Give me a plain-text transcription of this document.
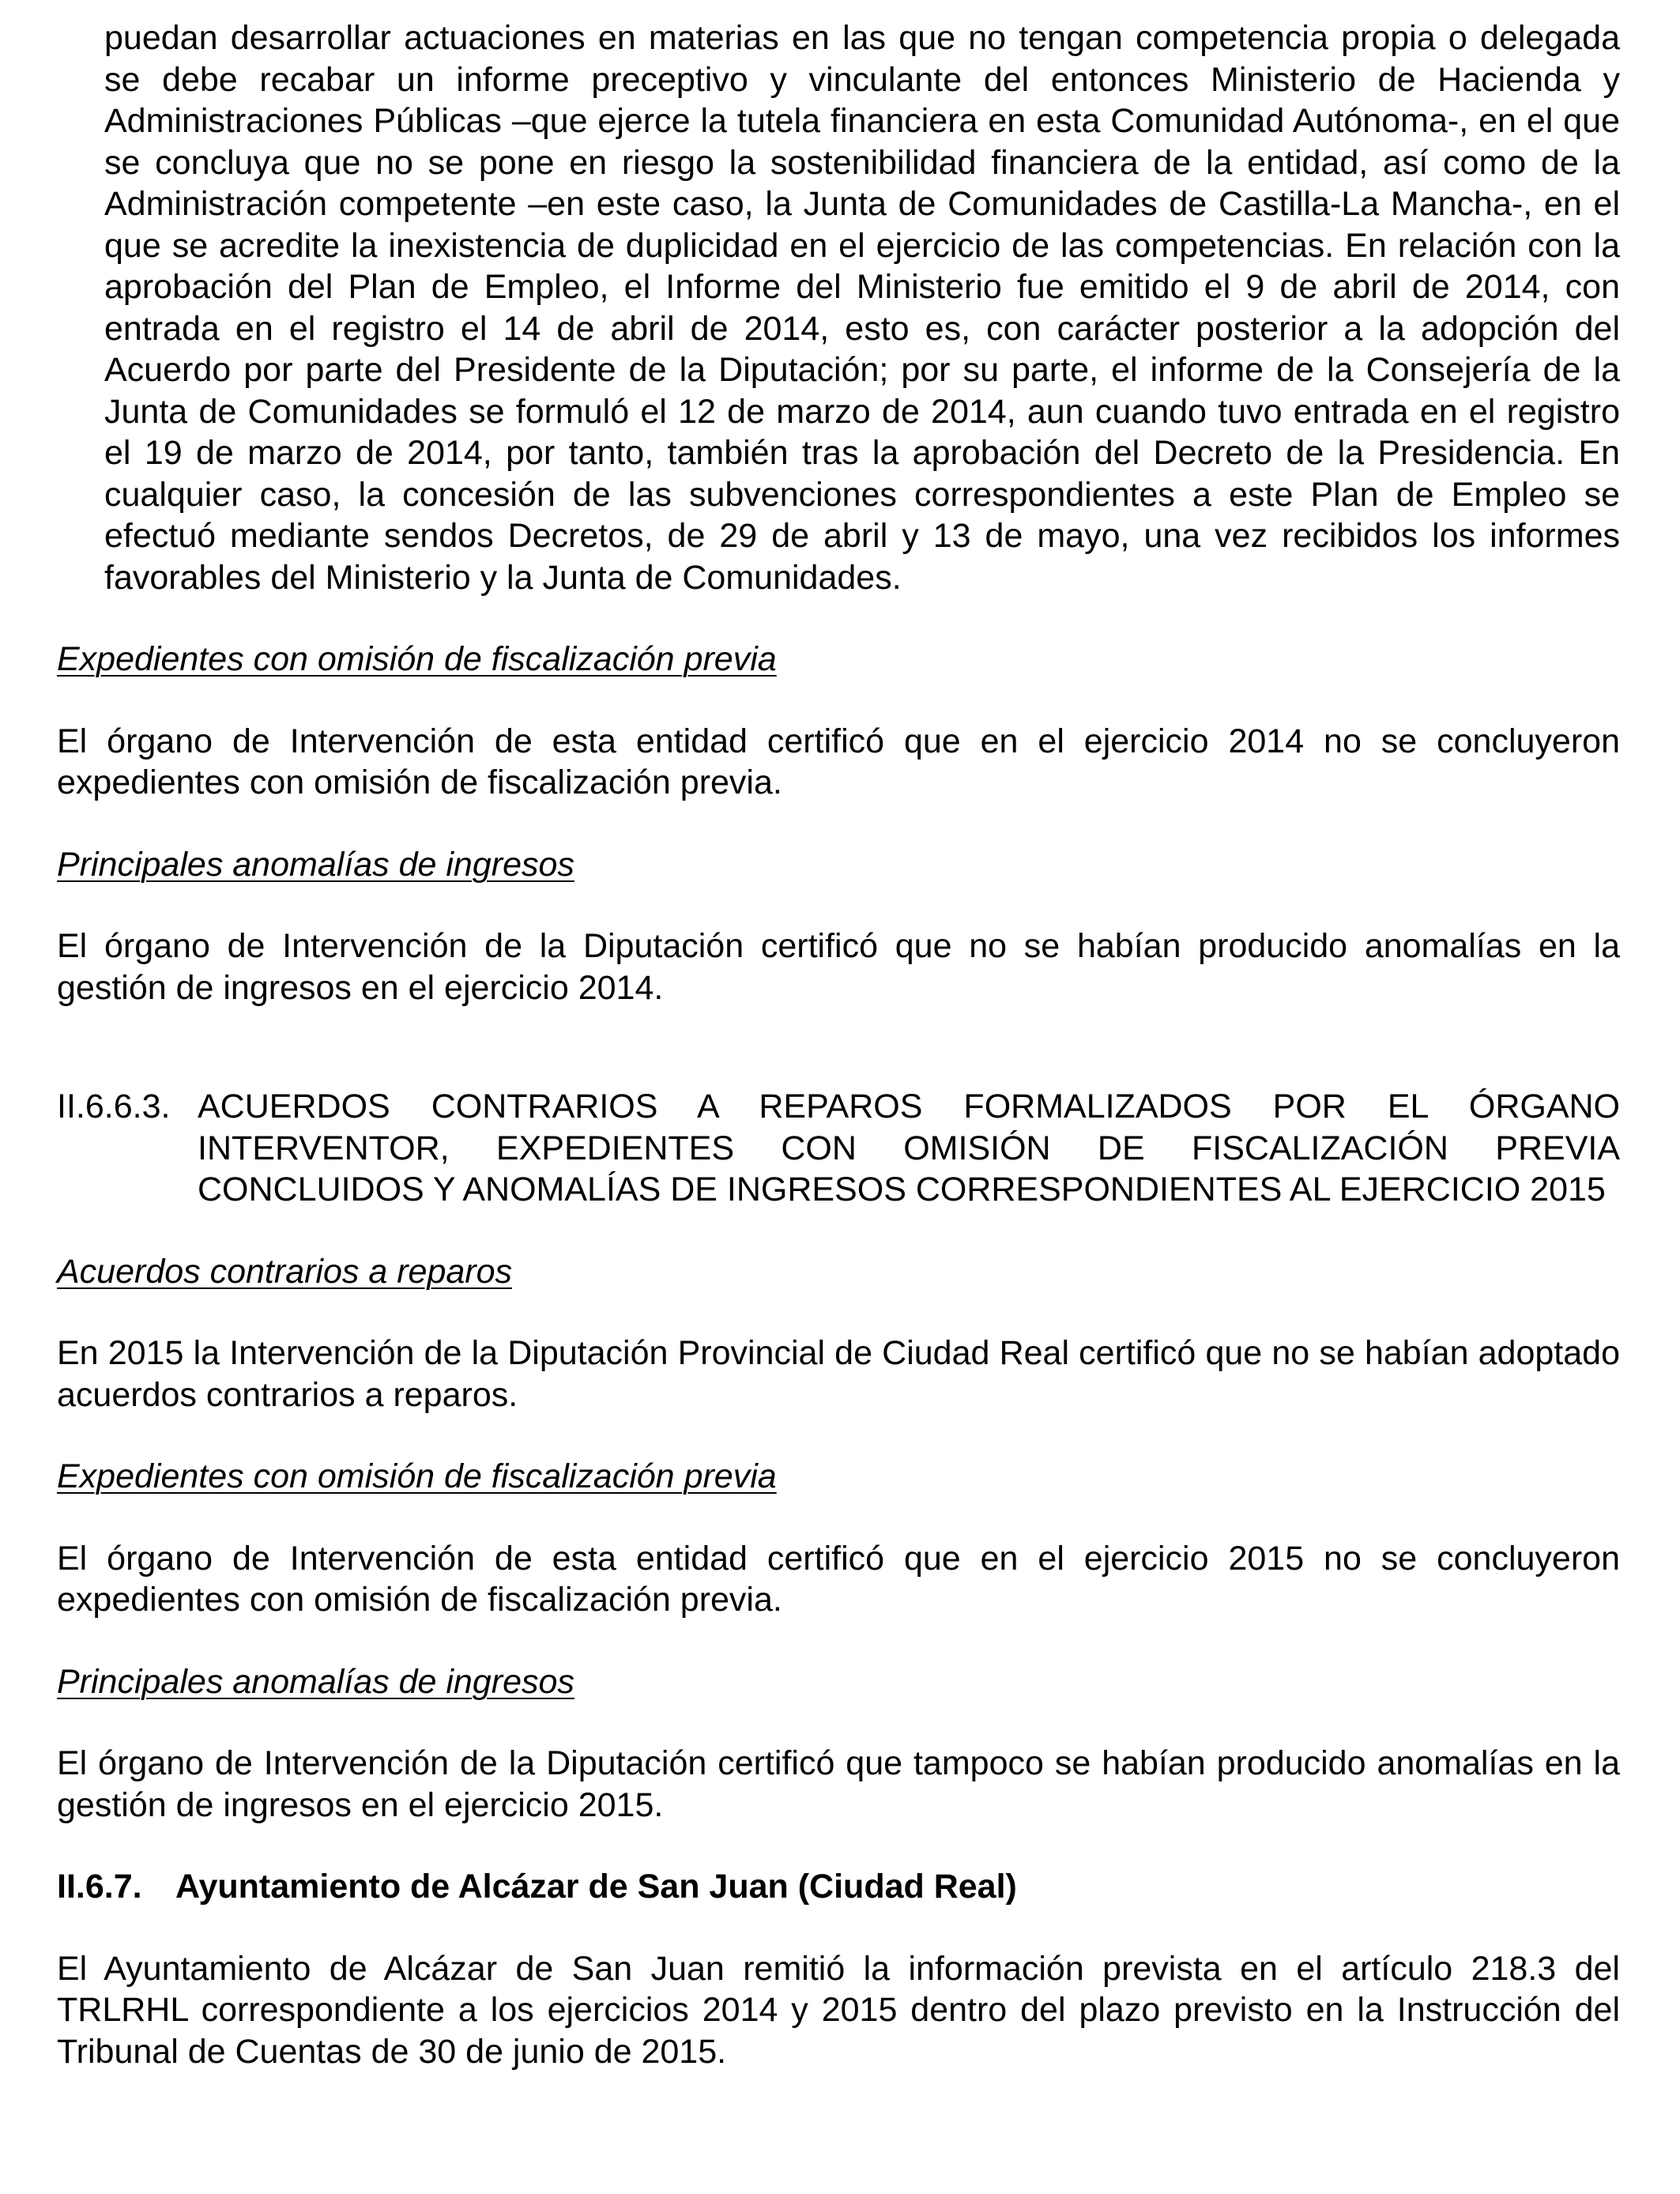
puedan desarrollar actuaciones en materias en las que no tengan competencia propia o delegada se debe recabar un informe preceptivo y vinculante del entonces Ministerio de Hacienda y Administraciones Públicas –que ejerce la tutela financiera en esta Comunidad Autónoma-, en el que se concluya que no se pone en riesgo la sostenibilidad financiera de la entidad, así como de la Administración competente –en este caso, la Junta de Comunidades de Castilla-La Mancha-, en el que se acredite la inexistencia de duplicidad en el ejercicio de las competencias. En relación con la aprobación del Plan de Empleo, el Informe del Ministerio fue emitido el 9 de abril de 2014, con entrada en el registro el 14 de abril de 2014, esto es, con carácter posterior a la adopción del Acuerdo por parte del Presidente de la Diputación; por su parte, el informe de la Consejería de la Junta de Comunidades se formuló el 12 de marzo de 2014, aun cuando tuvo entrada en el registro el 19 de marzo de 2014, por tanto, también tras la aprobación del Decreto de la Presidencia. En cualquier caso, la concesión de las subvenciones correspondientes a este Plan de Empleo se efectuó mediante sendos Decretos, de 29 de abril y 13 de mayo, una vez recibidos los informes favorables del Ministerio y la Junta de Comunidades.

Expedientes con omisión de fiscalización previa

El órgano de Intervención de esta entidad certificó que en el ejercicio 2014 no se concluyeron expedientes con omisión de fiscalización previa.

Principales anomalías de ingresos

El órgano de Intervención de la Diputación certificó que no se habían producido anomalías en la gestión de ingresos en el ejercicio 2014.

II.6.6.3. ACUERDOS CONTRARIOS A REPAROS FORMALIZADOS POR EL ÓRGANO INTERVENTOR, EXPEDIENTES CON OMISIÓN DE FISCALIZACIÓN PREVIA CONCLUIDOS Y ANOMALÍAS DE INGRESOS CORRESPONDIENTES AL EJERCICIO 2015
Acuerdos contrarios a reparos

En 2015 la Intervención de la Diputación Provincial de Ciudad Real certificó que no se habían adoptado acuerdos contrarios a reparos.

Expedientes con omisión de fiscalización previa

El órgano de Intervención de esta entidad certificó que en el ejercicio 2015 no se concluyeron expedientes con omisión de fiscalización previa.

Principales anomalías de ingresos

El órgano de Intervención de la Diputación certificó que tampoco se habían producido anomalías en la gestión de ingresos en el ejercicio 2015.

II.6.7. Ayuntamiento de Alcázar de San Juan (Ciudad Real)

El Ayuntamiento de Alcázar de San Juan remitió la información prevista en el artículo 218.3 del TRLRHL correspondiente a los ejercicios 2014 y 2015 dentro del plazo previsto en la Instrucción del Tribunal de Cuentas de 30 de junio de 2015.
